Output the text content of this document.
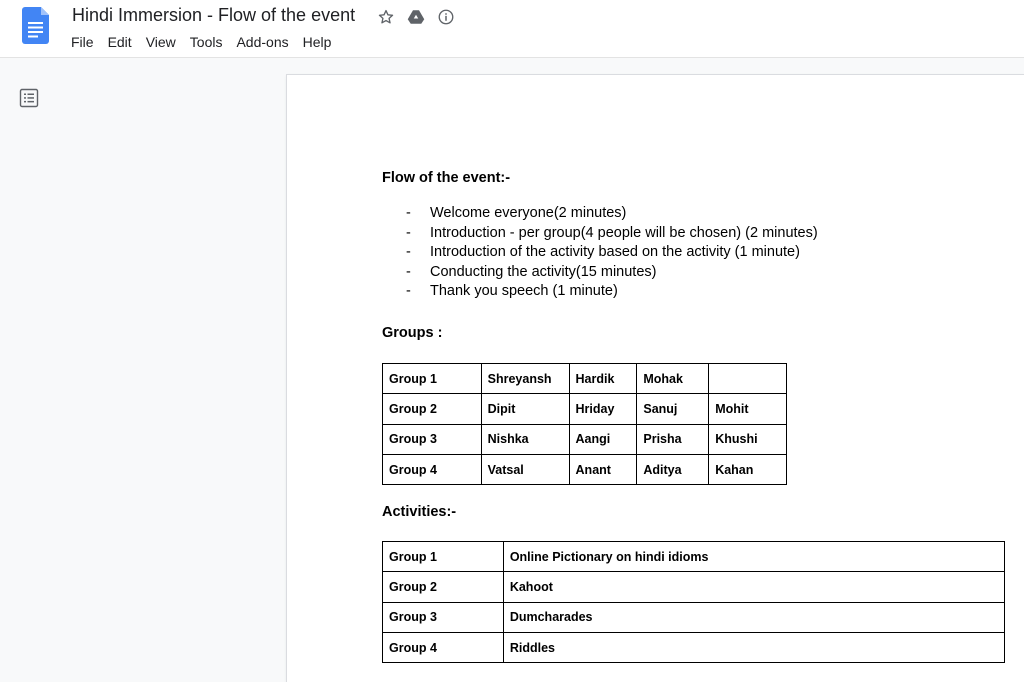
Hindi Immersion - Flow of the event
File	Edit	View	Tools	Add-ons	Help
Flow of the event:-
-	Welcome everyone(2 minutes)
-	Introduction - per group(4 people will be chosen) (2 minutes)
-	Introduction of the activity based on the activity (1 minute)
-	Conducting the activity(15 minutes)
-	Thank you speech (1 minute)
Groups :
Group 1	Shreyansh	Hardik	Mohak	
Group 2	Dipit	Hriday	Sanuj	Mohit
Group 3	Nishka	Aangi	Prisha	Khushi
Group 4	Vatsal	Anant	Aditya	Kahan
Activities:-
Group 1	Online Pictionary on hindi idioms
Group 2	Kahoot
Group 3	Dumcharades
Group 4	Riddles
